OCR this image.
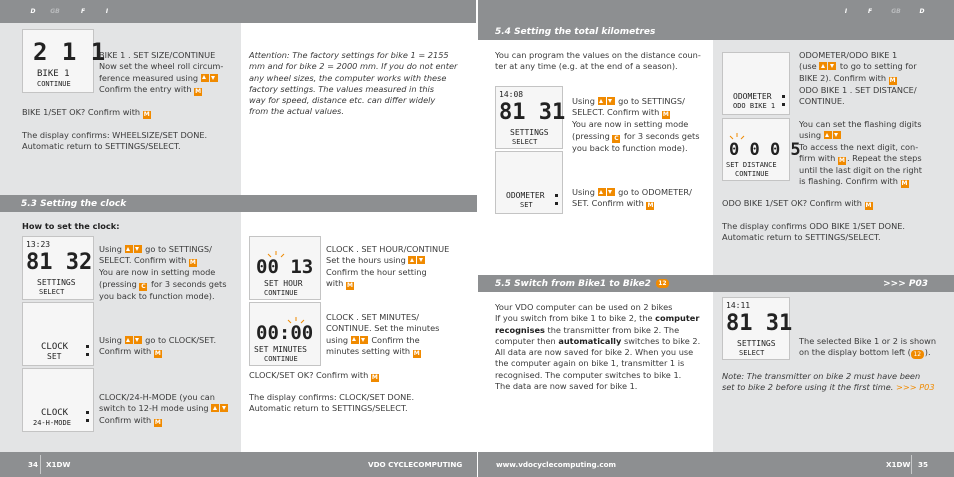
D	GB	F	I	I	F	GB	D
2 1 1
BIKE 1
CONTINUE
BIKE 1 . SET SIZE/CONTINUE
Now set the wheel roll circum-
ference measured using
Confirm the entry with M
BIKE 1/SET OK? Confirm with M
The display confirms: WHEELSIZE/SET DONE.
Automatic return to SETTINGS/SELECT.
Attention: The factory settings for bike 1 = 2155
mm and for bike 2 = 2000 mm. If you do not enter
any wheel sizes, the computer works with these
factory settings. The values measured in this
way for speed, distance etc. can differ widely
from the actual values.
5.3 Setting the clock
How to set the clock:
13:23
81 32
SETTINGS
SELECT
Using	go to SETTINGS/
SELECT. Confirm with M
You are now in setting mode
(pressing C for 3 seconds gets
you back to function mode).
CLOCK
SET
Using	go to CLOCK/SET.
Confirm with M
CLOCK
24-H-MODE
CLOCK/24-H-MODE (you can
switch to 12-H mode using
Confirm with M
00 13
SET HOUR
CONTINUE
CLOCK . SET HOUR/CONTINUE
Set the hours using
Confirm the hour setting
with M
00:00
SET MINUTES
CONTINUE
CLOCK . SET MINUTES/
CONTINUE. Set the minutes
using	Confirm the
minutes setting with M
CLOCK/SET OK? Confirm with M
The display confirms: CLOCK/SET DONE.
Automatic return to SETTINGS/SELECT.
5.4 Setting the total kilometres
You can program the values on the distance coun-
ter at any time (e.g. at the end of a season).
14:08
81 31
SETTINGS
SELECT
Using	go to SETTINGS/
SELECT. Confirm with M
You are now in setting mode
(pressing C for 3 seconds gets
you back to function mode).
ODOMETER
SET
Using	go to ODOMETER/
SET. Confirm with M
ODOMETER
ODO BIKE 1
ODOMETER/ODO BIKE 1
(use	to go to setting for
BIKE 2). Confirm with M
ODO BIKE 1 . SET DISTANCE/
CONTINUE.
0 0 0 5
SET DISTANCE
CONTINUE
You can set the flashing digits
using
To access the next digit, con-
firm with M . Repeat the steps
until the last digit on the right
is flashing. Confirm with M
ODO BIKE 1/SET OK? Confirm with M
The display confirms ODO BIKE 1/SET DONE.
Automatic return to SETTINGS/SELECT.
5.5 Switch from Bike1 to Bike2	12	>>> P03
Your VDO computer can be used on 2 bikes
If you switch from bike 1 to bike 2, the computer
recognises the transmitter from bike 2. The
computer then automatically switches to bike 2.
All data are now saved for bike 2. When you use
the computer again on bike 1, transmitter 1 is
recognised. The computer switches to bike 1.
The data are now saved for bike 1.
14:11
81 31
SETTINGS
SELECT
The selected Bike 1 or 2 is shown
on the display bottom left ( 12 ).
Note: The transmitter on bike 2 must have been
set to bike 2 before using it the first time. >>> P03
34 X1DW	VDO CYCLECOMPUTING	www.vdocyclecomputing.com	X1DW 35
